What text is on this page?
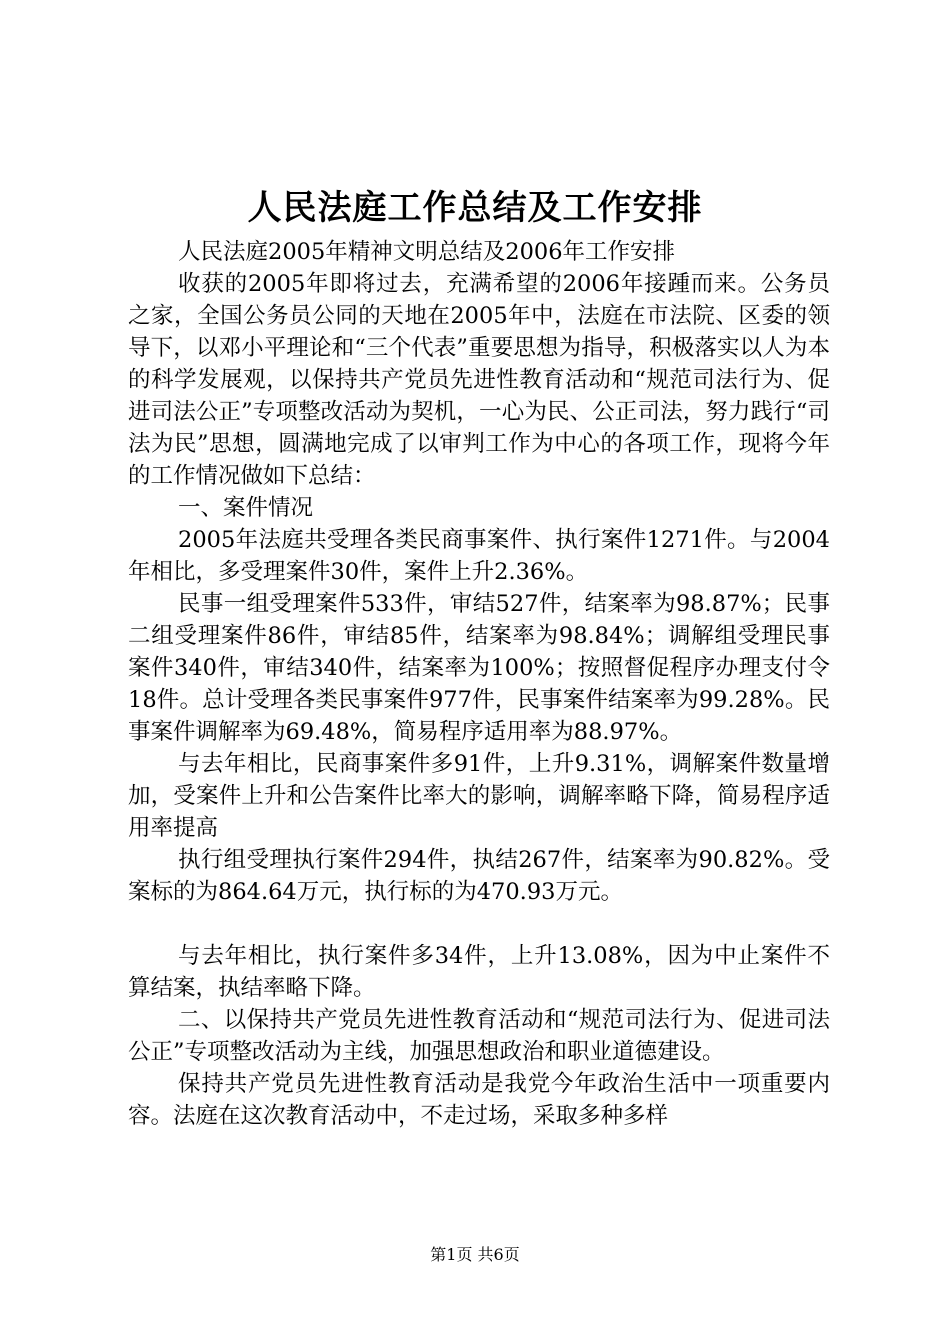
人民法庭工作总结及工作安排

人民法庭2005年精神文明总结及2006年工作安排

收获的2005年即将过去，充满希望的2006年接踵而来。公务员之家，全国公务员公同的天地在2005年中，法庭在市法院、区委的领导下，以邓小平理论和“三个代表”重要思想为指导，积极落实以人为本的科学发展观，以保持共产党员先进性教育活动和“规范司法行为、促进司法公正”专项整改活动为契机，一心为民、公正司法，努力践行“司法为民”思想，圆满地完成了以审判工作为中心的各项工作，现将今年的工作情况做如下总结：

一、案件情况

2005年法庭共受理各类民商事案件、执行案件1271件。与2004年相比，多受理案件30件，案件上升2.36%。

民事一组受理案件533件，审结527件，结案率为98.87%；民事二组受理案件86件，审结85件，结案率为98.84%；调解组受理民事案件340件，审结340件，结案率为100%；按照督促程序办理支付令18件。总计受理各类民事案件977件，民事案件结案率为99.28%。民事案件调解率为69.48%，简易程序适用率为88.97%。

与去年相比，民商事案件多91件，上升9.31%，调解案件数量增加，受案件上升和公告案件比率大的影响，调解率略下降，简易程序适用率提高

执行组受理执行案件294件，执结267件，结案率为90.82%。受案标的为864.64万元，执行标的为470.93万元。

与去年相比，执行案件多34件，上升13.08%，因为中止案件不算结案，执结率略下降。

二、以保持共产党员先进性教育活动和“规范司法行为、促进司法公正”专项整改活动为主线，加强思想政治和职业道德建设。

保持共产党员先进性教育活动是我党今年政治生活中一项重要内容。法庭在这次教育活动中，不走过场，采取多种多样

第1页 共6页
